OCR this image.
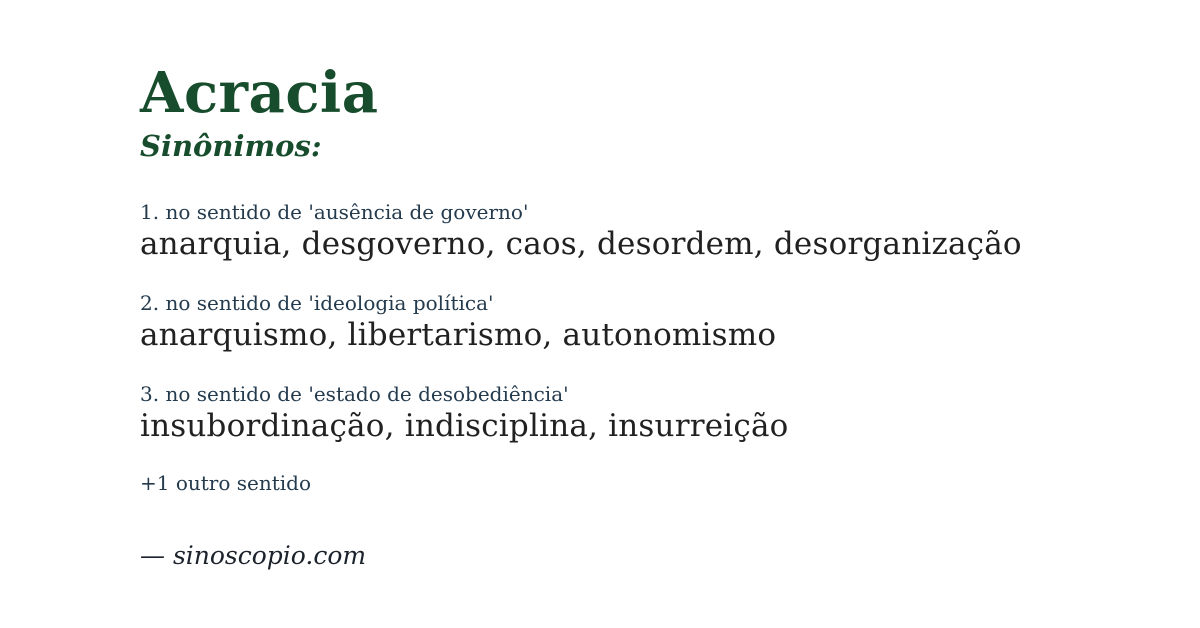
Acracia
Sinônimos:
1. no sentido de 'ausência de governo'
anarquia, desgoverno, caos, desordem, desorganização
2. no sentido de 'ideologia política'
anarquismo, libertarismo, autonomismo
3. no sentido de 'estado de desobediência'
insubordinação, indisciplina, insurreição
+1 outro sentido
— sinoscopio.com
